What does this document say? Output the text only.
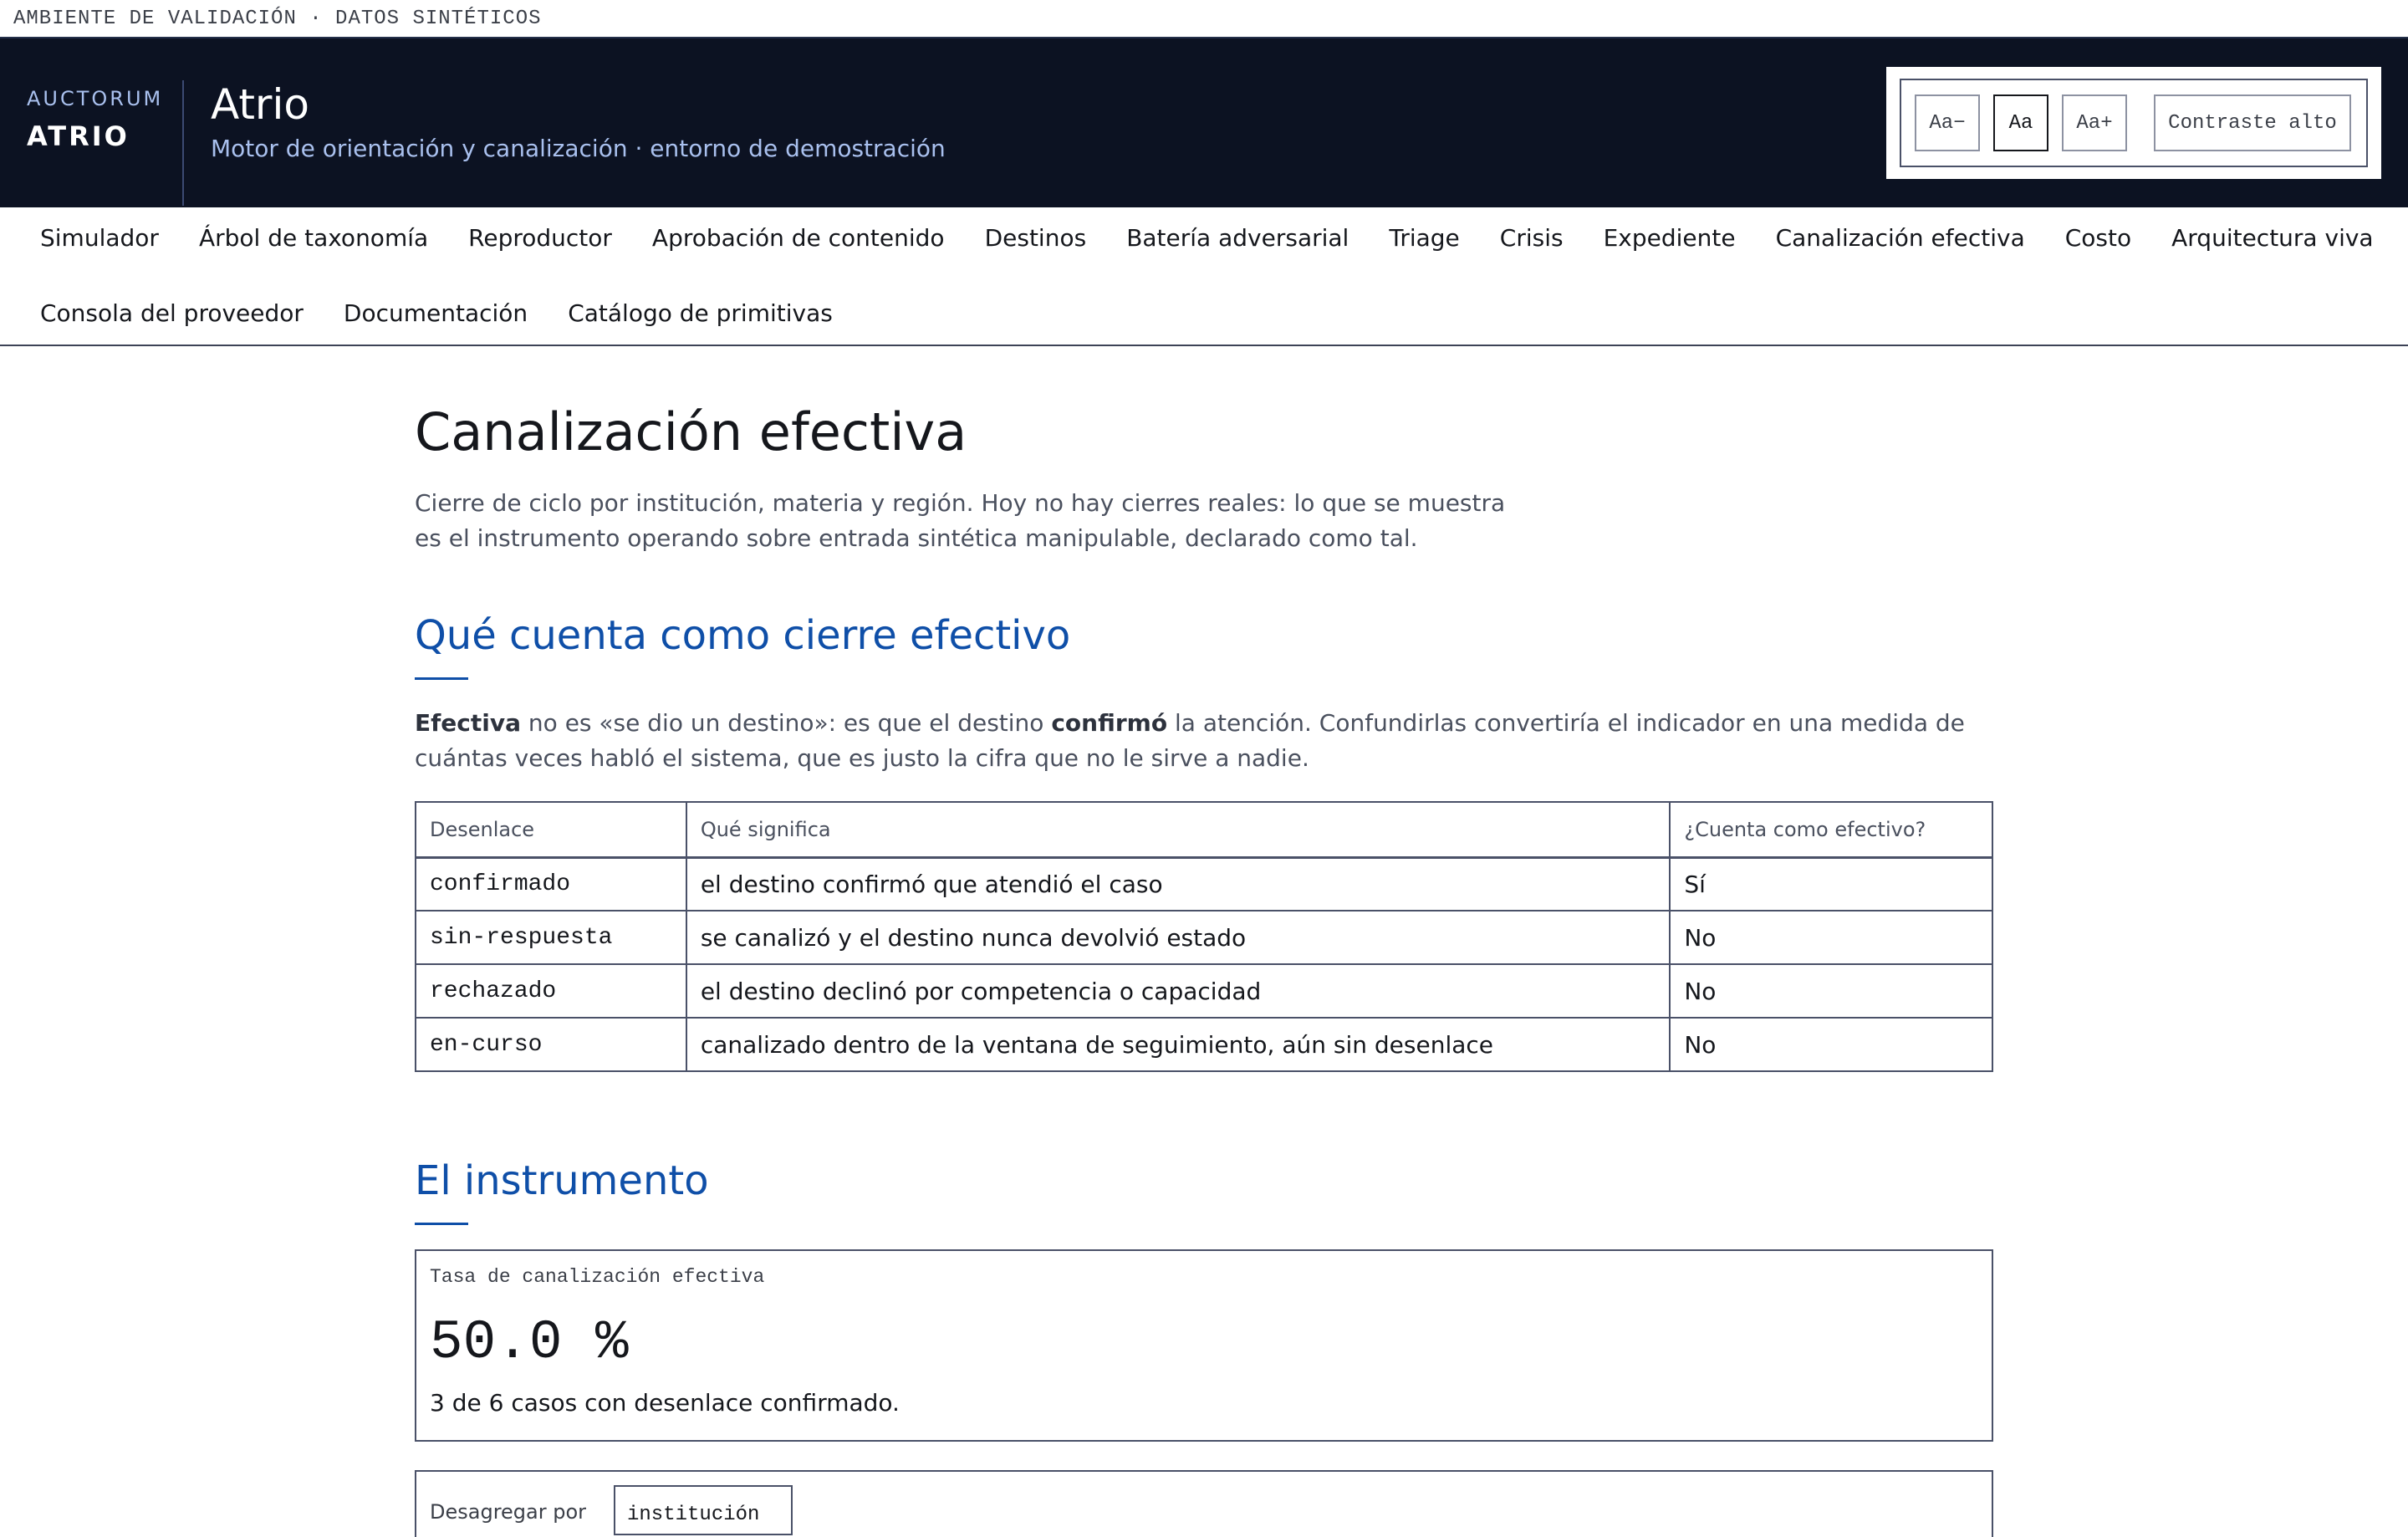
AMBIENTE DE VALIDACIÓN · DATOS SINTÉTICOS
AUCTORUM
ATRIO
Atrio
Motor de orientación y canalización · entorno de demostración
Aa−	Aa	Aa+	Contraste alto
Simulador	Árbol de taxonomía	Reproductor	Aprobación de contenido	Destinos	Batería adversarial	Triage	Crisis	Expediente	Canalización efectiva	Costo	Arquitectura viva
Consola del proveedor	Documentación	Catálogo de primitivas
Canalización efectiva

Cierre de ciclo por institución, materia y región. Hoy no hay cierres reales: lo que se muestra es el instrumento operando sobre entrada sintética manipulable, declarado como tal.

Qué cuenta como cierre efectivo

Efectiva no es «se dio un destino»: es que el destino confirmó la atención. Confundirlas convertiría el indicador en una medida de cuántas veces habló el sistema, que es justo la cifra que no le sirve a nadie.

Desenlace	Qué significa	¿Cuenta como efectivo?
confirmado	el destino confirmó que atendió el caso	Sí
sin-respuesta	se canalizó y el destino nunca devolvió estado	No
rechazado	el destino declinó por competencia o capacidad	No
en-curso	canalizado dentro de la ventana de seguimiento, aún sin desenlace	No
El instrumento
Tasa de canalización efectiva
50.0 %
3 de 6 casos con desenlace confirmado.
Desagregar por	institución
